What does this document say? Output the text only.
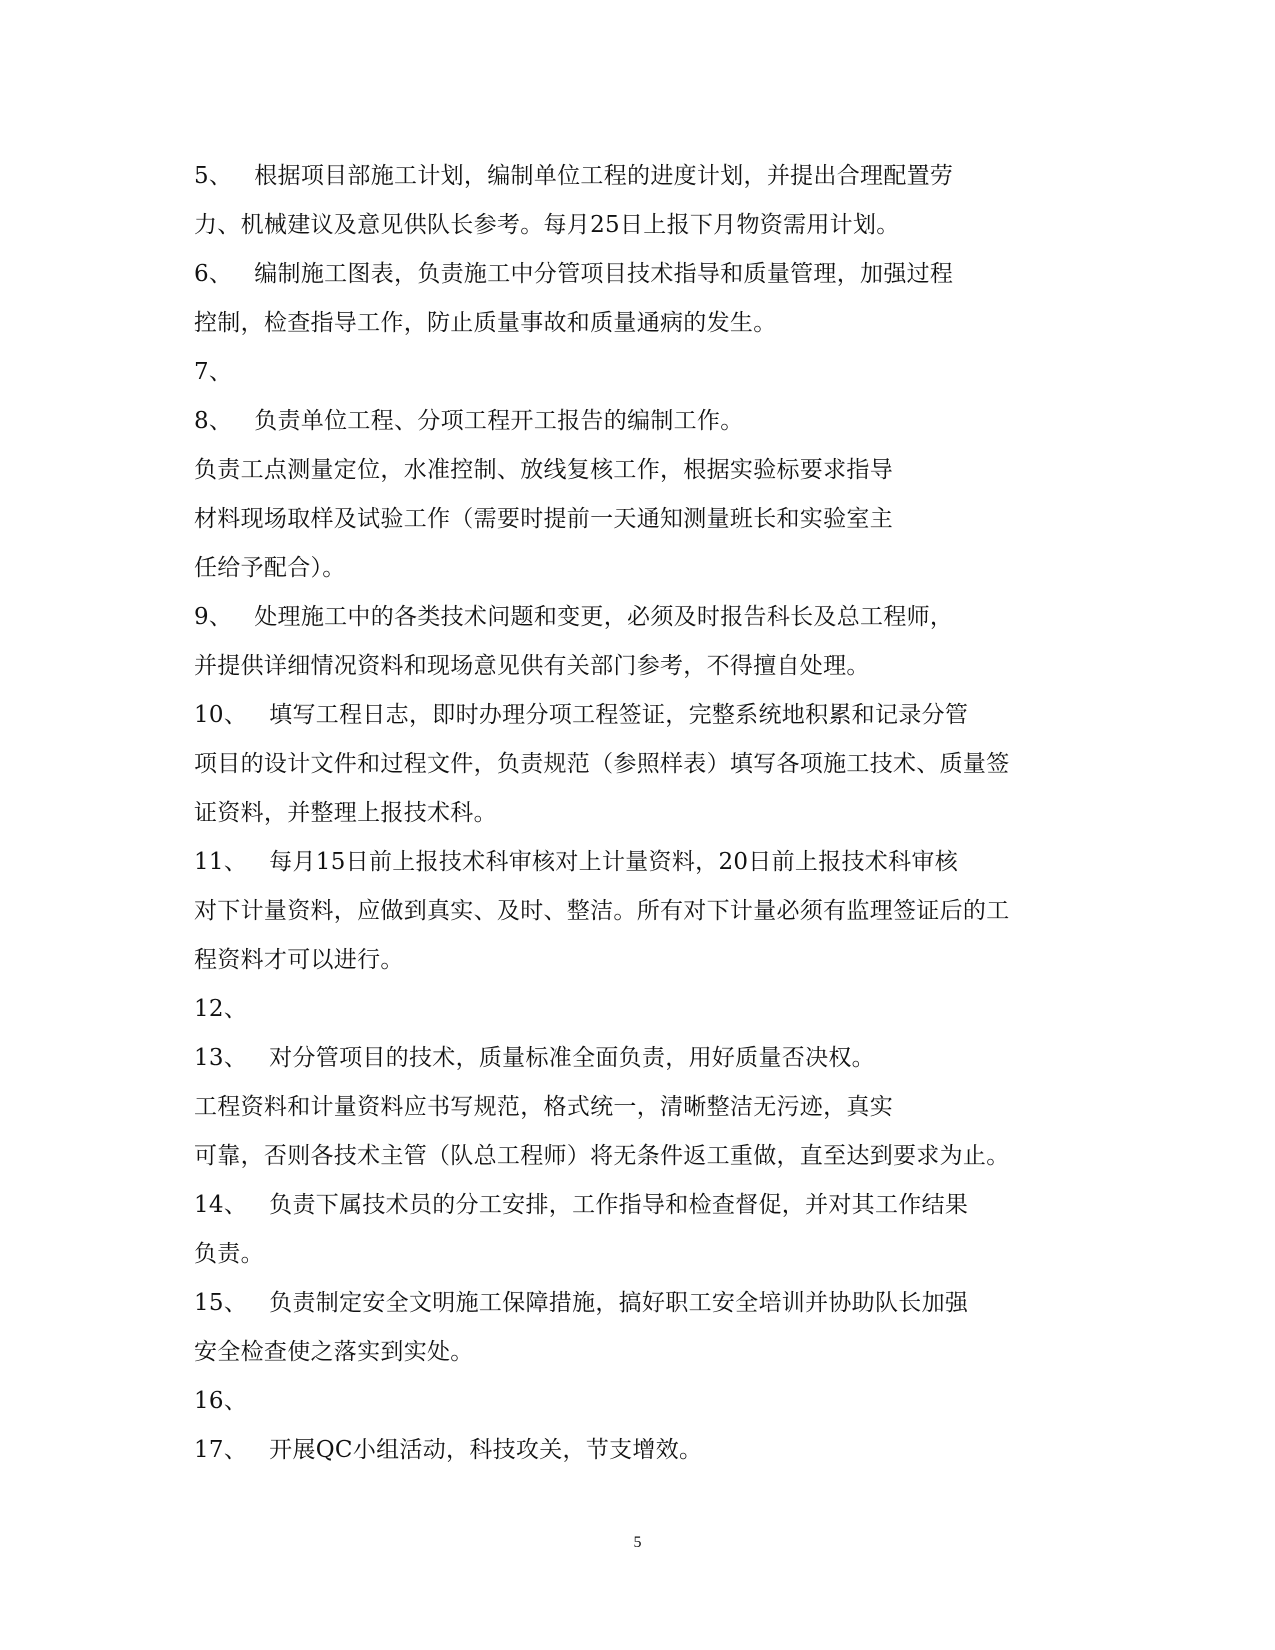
5、 根据项目部施工计划，编制单位工程的进度计划，并提出合理配置劳
力、机械建议及意见供队长参考。每月25日上报下月物资需用计划。
6、 编制施工图表，负责施工中分管项目技术指导和质量管理，加强过程
控制，检查指导工作，防止质量事故和质量通病的发生。
7、
8、 负责单位工程、分项工程开工报告的编制工作。
负责工点测量定位，水准控制、放线复核工作，根据实验标要求指导
材料现场取样及试验工作（需要时提前一天通知测量班长和实验室主
任给予配合）。
9、 处理施工中的各类技术问题和变更，必须及时报告科长及总工程师，
并提供详细情况资料和现场意见供有关部门参考，不得擅自处理。
10、 填写工程日志，即时办理分项工程签证，完整系统地积累和记录分管
项目的设计文件和过程文件，负责规范（参照样表）填写各项施工技术、质量签
证资料，并整理上报技术科。
11、 每月15日前上报技术科审核对上计量资料，20日前上报技术科审核
对下计量资料，应做到真实、及时、整洁。所有对下计量必须有监理签证后的工
程资料才可以进行。
12、
13、 对分管项目的技术，质量标准全面负责，用好质量否决权。
工程资料和计量资料应书写规范，格式统一，清晰整洁无污迹，真实
可靠，否则各技术主管（队总工程师）将无条件返工重做，直至达到要求为止。
14、 负责下属技术员的分工安排，工作指导和检查督促，并对其工作结果
负责。
15、 负责制定安全文明施工保障措施，搞好职工安全培训并协助队长加强
安全检查使之落实到实处。
16、
17、 开展QC小组活动，科技攻关，节支增效。
5
